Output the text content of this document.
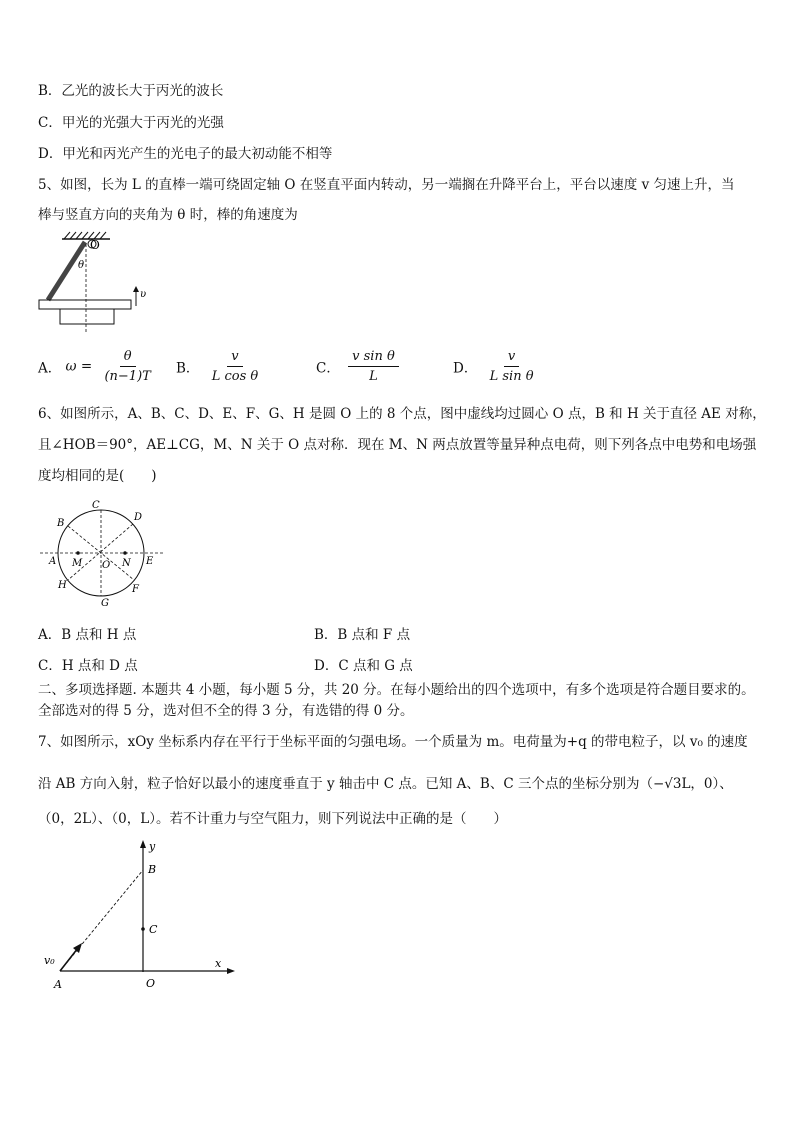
B．乙光的波长大于丙光的波长
C．甲光的光强大于丙光的光强
D．甲光和丙光产生的光电子的最大初动能不相等
5、如图，长为 L 的直棒一端可绕固定轴 O 在竖直平面内转动，另一端搁在升降平台上，平台以速度 v 匀速上升，当
棒与竖直方向的夹角为 θ 时，棒的角速度为
O
θ
υ
A． $\omega = \frac{\theta}{(n-1)T}$ B． $\frac{v}{\text{L cos θ}}$	C． $\frac{\text{v sin θ}}{L}$	D． $\frac{v}{\text{L sin θ}}$
6、如图所示，A、B、C、D、E、F、G、H 是圆 O 上的 8 个点，图中虚线均过圆心 O 点，B 和 H 关于直径 AE 对称，
且∠HOB＝90°，AE⊥CG，M、N 关于 O 点对称．现在 M、N 两点放置等量异种点电荷，则下列各点中电势和电场强
度均相同的是(　　)
C
B
D
A	E
M	N
O
H	F
G
A．B 点和 H 点	B．B 点和 F 点
C．H 点和 D 点	D．C 点和 G 点
二、多项选择题. 本题共 4 小题，每小题 5 分，共 20 分。在每小题给出的四个选项中，有多个选项是符合题目要求的。
全部选对的得 5 分，选对但不全的得 3 分，有选错的得 0 分。
7、如图所示，xOy 坐标系内存在平行于坐标平面的匀强电场。一个质量为 m。电荷量为+q 的带电粒子，以 v₀ 的速度
沿 AB 方向入射，粒子恰好以最小的速度垂直于 y 轴击中 C 点。已知 A、B、C 三个点的坐标分别为（−√3L，0）、
（0，2L）、（0，L）。若不计重力与空气阻力，则下列说法中正确的是（　　）
y
x
B
C
O
A
v₀
